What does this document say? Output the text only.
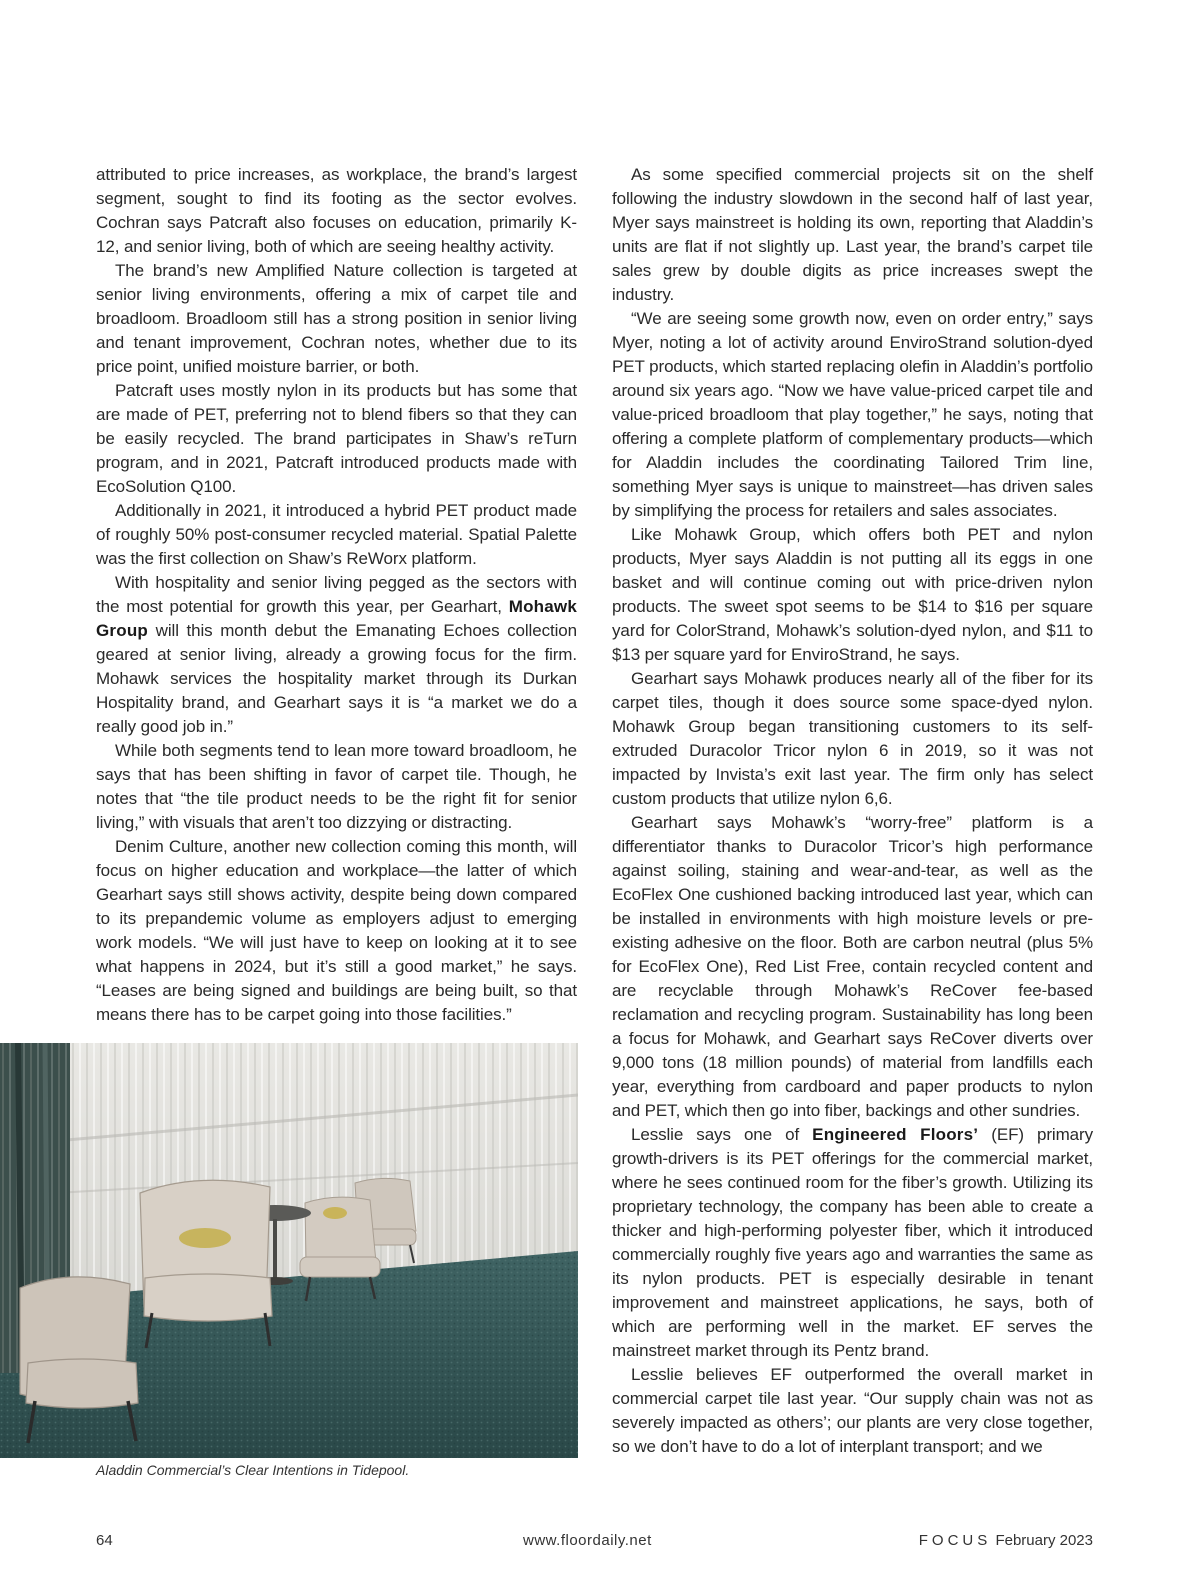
attributed to price increases, as workplace, the brand’s largest segment, sought to find its footing as the sector evolves. Cochran says Patcraft also focuses on education, primarily K-12, and senior living, both of which are seeing healthy activity.

The brand’s new Amplified Nature collection is targeted at senior living environments, offering a mix of carpet tile and broadloom. Broadloom still has a strong position in senior living and tenant improvement, Cochran notes, whether due to its price point, unified moisture barrier, or both.

Patcraft uses mostly nylon in its products but has some that are made of PET, preferring not to blend fibers so that they can be easily recycled. The brand participates in Shaw’s reTurn program, and in 2021, Patcraft introduced products made with EcoSolution Q100.

Additionally in 2021, it introduced a hybrid PET product made of roughly 50% post-consumer recycled material. Spatial Palette was the first collection on Shaw’s ReWorx platform.

With hospitality and senior living pegged as the sectors with the most potential for growth this year, per Gearhart, Mohawk Group will this month debut the Emanating Echoes collection geared at senior living, already a growing focus for the firm. Mohawk services the hospitality market through its Durkan Hospitality brand, and Gearhart says it is “a market we do a really good job in.”

While both segments tend to lean more toward broadloom, he says that has been shifting in favor of carpet tile. Though, he notes that “the tile product needs to be the right fit for senior living,” with visuals that aren’t too dizzying or distracting.

Denim Culture, another new collection coming this month, will focus on higher education and workplace—the latter of which Gearhart says still shows activity, despite being down compared to its prepandemic volume as employers adjust to emerging work models. “We will just have to keep on looking at it to see what happens in 2024, but it’s still a good market,” he says. “Leases are being signed and buildings are being built, so that means there has to be carpet going into those facilities.”

As some specified commercial projects sit on the shelf following the industry slowdown in the second half of last year, Myer says mainstreet is holding its own, reporting that Aladdin’s units are flat if not slightly up. Last year, the brand’s carpet tile sales grew by double digits as price increases swept the industry.

“We are seeing some growth now, even on order entry,” says Myer, noting a lot of activity around EnviroStrand solution-dyed PET products, which started replacing olefin in Aladdin’s portfolio around six years ago. “Now we have value-priced carpet tile and value-priced broadloom that play together,” he says, noting that offering a complete platform of complementary products—which for Aladdin includes the coordinating Tailored Trim line, something Myer says is unique to mainstreet—has driven sales by simplifying the process for retailers and sales associates.

Like Mohawk Group, which offers both PET and nylon products, Myer says Aladdin is not putting all its eggs in one basket and will continue coming out with price-driven nylon products. The sweet spot seems to be $14 to $16 per square yard for ColorStrand, Mohawk’s solution-dyed nylon, and $11 to $13 per square yard for EnviroStrand, he says.

Gearhart says Mohawk produces nearly all of the fiber for its carpet tiles, though it does source some space-dyed nylon. Mohawk Group began transitioning customers to its self-extruded Duracolor Tricor nylon 6 in 2019, so it was not impacted by Invista’s exit last year. The firm only has select custom products that utilize nylon 6,6.

Gearhart says Mohawk’s “worry-free” platform is a differentiator thanks to Duracolor Tricor’s high performance against soiling, staining and wear-and-tear, as well as the EcoFlex One cushioned backing introduced last year, which can be installed in environments with high moisture levels or pre-existing adhesive on the floor. Both are carbon neutral (plus 5% for EcoFlex One), Red List Free, contain recycled content and are recyclable through Mohawk’s ReCover fee-based reclamation and recycling program. Sustainability has long been a focus for Mohawk, and Gearhart says ReCover diverts over 9,000 tons (18 million pounds) of material from landfills each year, everything from cardboard and paper products to nylon and PET, which then go into fiber, backings and other sundries.

Lesslie says one of Engineered Floors’ (EF) primary growth-drivers is its PET offerings for the commercial market, where he sees continued room for the fiber’s growth. Utilizing its proprietary technology, the company has been able to create a thicker and high-performing polyester fiber, which it introduced commercially roughly five years ago and warranties the same as its nylon products. PET is especially desirable in tenant improvement and mainstreet applications, he says, both of which are performing well in the market. EF serves the mainstreet market through its Pentz brand.

Lesslie believes EF outperformed the overall market in commercial carpet tile last year. “Our supply chain was not as severely impacted as others’; our plants are very close together, so we don’t have to do a lot of interplant transport; and we

Aladdin Commercial’s Clear Intentions in Tidepool.
64	www.floordaily.net	FOCUS February 2023
